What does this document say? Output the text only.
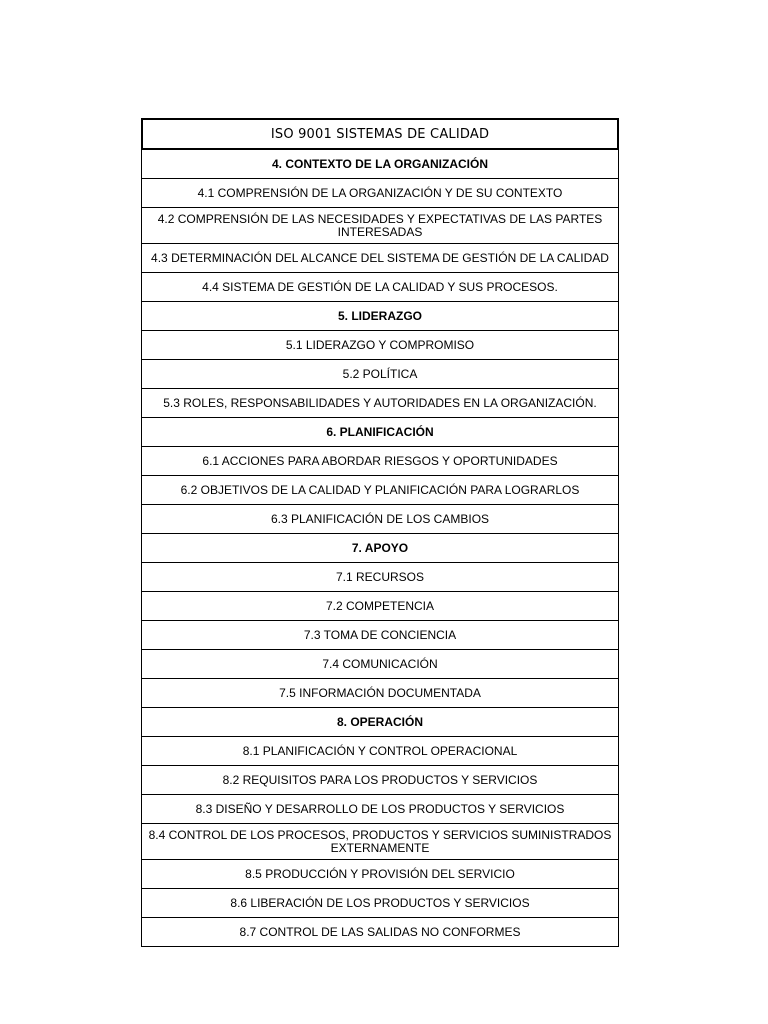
ISO 9001 SISTEMAS DE CALIDAD
4. CONTEXTO DE LA ORGANIZACIÓN
4.1 COMPRENSIÓN DE LA ORGANIZACIÓN Y DE SU CONTEXTO
4.2 COMPRENSIÓN DE LAS NECESIDADES Y EXPECTATIVAS DE LAS PARTES INTERESADAS
4.3 DETERMINACIÓN DEL ALCANCE DEL SISTEMA DE GESTIÓN DE LA CALIDAD
4.4 SISTEMA DE GESTIÓN DE LA CALIDAD Y SUS PROCESOS.
5. LIDERAZGO
5.1 LIDERAZGO Y COMPROMISO
5.2 POLÍTICA
5.3 ROLES, RESPONSABILIDADES Y AUTORIDADES EN LA ORGANIZACIÓN.
6. PLANIFICACIÓN
6.1 ACCIONES PARA ABORDAR RIESGOS Y OPORTUNIDADES
6.2 OBJETIVOS DE LA CALIDAD Y PLANIFICACIÓN PARA LOGRARLOS
6.3 PLANIFICACIÓN DE LOS CAMBIOS
7. APOYO
7.1 RECURSOS
7.2 COMPETENCIA
7.3 TOMA DE CONCIENCIA
7.4 COMUNICACIÓN
7.5 INFORMACIÓN DOCUMENTADA
8. OPERACIÓN
8.1 PLANIFICACIÓN Y CONTROL OPERACIONAL
8.2 REQUISITOS PARA LOS PRODUCTOS Y SERVICIOS
8.3 DISEÑO Y DESARROLLO DE LOS PRODUCTOS Y SERVICIOS
8.4 CONTROL DE LOS PROCESOS, PRODUCTOS Y SERVICIOS SUMINISTRADOS EXTERNAMENTE
8.5 PRODUCCIÓN Y PROVISIÓN DEL SERVICIO
8.6 LIBERACIÓN DE LOS PRODUCTOS Y SERVICIOS
8.7 CONTROL DE LAS SALIDAS NO CONFORMES
